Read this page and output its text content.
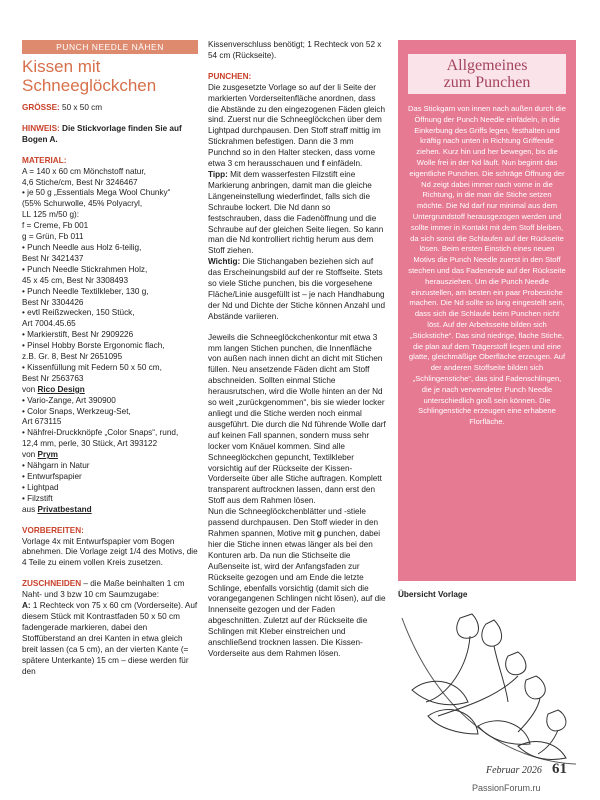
PUNCH NEEDLE NÄHEN
Kissen mit
Schneeglöckchen

GRÖSSE: 50 x 50 cm

HINWEIS: Die Stickvorlage finden Sie auf Bogen A.

MATERIAL:

A = 140 x 60 cm Mönchstoff natur,

4,6 Stiche/cm, Best Nr 3246467

• je 50 g „Essentials Mega Wool Chunky“

(55% Schurwolle, 45% Polyacryl,

LL 125 m/50 g):

f = Creme, Fb 001

g = Grün, Fb 011

• Punch Needle aus Holz 6-teilig,

Best Nr 3421437

• Punch Needle Stickrahmen Holz,

45 x 45 cm, Best Nr 3308493

• Punch Needle Textilkleber, 130 g,

Best Nr 3304426

• evtl Reißzwecken, 150 Stück,

Art 7004.45.65

• Markierstift, Best Nr 2909226

• Pinsel Hobby Borste Ergonomic flach,

z.B. Gr. 8, Best Nr 2651095

• Kissenfüllung mit Federn 50 x 50 cm,

Best Nr 2563763

von Rico Design

• Vario-Zange, Art 390900

• Color Snaps, Werkzeug-Set,

Art 673115

• Nähfrei-Druckknöpfe „Color Snaps“, rund,

12,4 mm, perle, 30 Stück, Art 393122

von Prym

• Nähgarn in Natur

• Entwurfspapier

• Lightpad

• Filzstift

aus Privatbestand

VORBEREITEN:

Vorlage 4x mit Entwurfspapier vom Bogen abnehmen. Die Vorlage zeigt 1/4 des Motivs, die 4 Teile zu einem vollen Kreis zusetzen.

ZUSCHNEIDEN – die Maße beinhalten 1 cm Naht- und 3 bzw 10 cm Saumzugabe:

A: 1 Rechteck von 75 x 60 cm (Vorderseite). Auf diesem Stück mit Kontrastfaden 50 x 50 cm fadengerade markieren, dabei den Stoffüberstand an drei Kanten in etwa gleich breit lassen (ca 5 cm), an der vierten Kante (= spätere Unterkante) 15 cm – diese werden für den

Kissenverschluss benötigt; 1 Rechteck von 52 x 54 cm (Rückseite).

PUNCHEN:

Die zusgesetzte Vorlage so auf der li Seite der markierten Vorderseitenfläche anordnen, dass die Abstände zu den eingezogenen Fäden gleich sind. Zuerst nur die Schneeglöckchen über dem Lightpad durchpausen. Den Stoff straff mittig im Stickrahmen befestigen. Dann die 3 mm Punchnd so in den Halter stecken, dass vorne etwa 3 cm herausschauen und f einfädeln.

Tipp: Mit dem wasserfesten Filzstift eine Markierung anbringen, damit man die gleiche Längeneinstellung wiederfindet, falls sich die Schraube lockert. Die Nd dann so festschrauben, dass die Fadenöffnung und die Schraube auf der gleichen Seite liegen. So kann man die Nd kontrolliert richtig herum aus dem Stoff ziehen.

Wichtig: Die Stichangaben beziehen sich auf das Erscheinungsbild auf der re Stoffseite. Stets so viele Stiche punchen, bis die vorgesehene Fläche/Linie ausgefüllt ist – je nach Handhabung der Nd und Dichte der Stiche können Anzahl und Abstände variieren.

Jeweils die Schneeglöckchenkontur mit etwa 3 mm langen Stichen punchen, die Innenfläche von außen nach innen dicht an dicht mit Stichen füllen. Neu ansetzende Fäden dicht am Stoff abschneiden. Sollten einmal Stiche herausrutschen, wird die Wolle hinten an der Nd so weit „zurückgenommen“, bis sie wieder locker anliegt und die Stiche werden noch einmal ausgeführt. Die durch die Nd führende Wolle darf auf keinen Fall spannen, sondern muss sehr locker vom Knäuel kommen. Sind alle Schneeglöckchen gepuncht, Textilkleber vorsichtig auf der Rückseite der Kissen-Vorderseite über alle Stiche auftragen. Komplett transparent auftrocknen lassen, dann erst den Stoff aus dem Rahmen lösen.

Nun die Schneeglöckchenblätter und -stiele passend durchpausen. Den Stoff wieder in den Rahmen spannen, Motive mit g punchen, dabei hier die Stiche innen etwas länger als bei den Konturen arb. Da nun die Stichseite die Außenseite ist, wird der Anfangsfaden zur Rückseite gezogen und am Ende die letzte Schlinge, ebenfalls vorsichtig (damit sich die vorangegangenen Schlingen nicht lösen), auf die Innenseite gezogen und der Faden abgeschnitten. Zuletzt auf der Rückseite die Schlingen mit Kleber einstreichen und anschließend trocknen lassen. Die Kissen-Vorderseite aus dem Rahmen lösen.

Allgemeines
zum Punchen
Das Stickgarn von innen nach außen durch die Öffnung der Punch Needle einfädeln, in die Einkerbung des Griffs legen, festhalten und kräftig nach unten in Richtung Griffende ziehen. Kurz hin und her bewegen, bis die Wolle frei in der Nd läuft. Nun beginnt das eigentliche Punchen. Die schräge Öffnung der Nd zeigt dabei immer nach vorne in die Richtung, in die man die Stiche setzen möchte. Die Nd darf nur minimal aus dem Untergrundstoff herausgezogen werden und sollte immer in Kontakt mit dem Stoff bleiben, da sich sonst die Schlaufen auf der Rückseite lösen. Beim ersten Einstich eines neuen Motivs die Punch Needle zuerst in den Stoff stechen und das Fadenende auf der Rückseite herausziehen. Um die Punch Needle einzustellen, am besten ein paar Probestiche machen. Die Nd sollte so lang eingestellt sein, dass sich die Schlaufe beim Punchen nicht löst. Auf der Arbeitsseite bilden sich „Stickstiche“. Das sind niedrige, flache Stiche, die plan auf dem Trägerstoff liegen und eine glatte, gleichmäßige Oberfläche erzeugen. Auf der anderen Stoffseite bilden sich „Schlingenstiche“, das sind Fadenschlingen, die je nach verwendeter Punch Needle unterschiedlich groß sein können. Die Schlingenstiche erzeugen eine erhabene Florfläche.
Übersicht Vorlage
Februar 2026 61
PassionForum.ru
